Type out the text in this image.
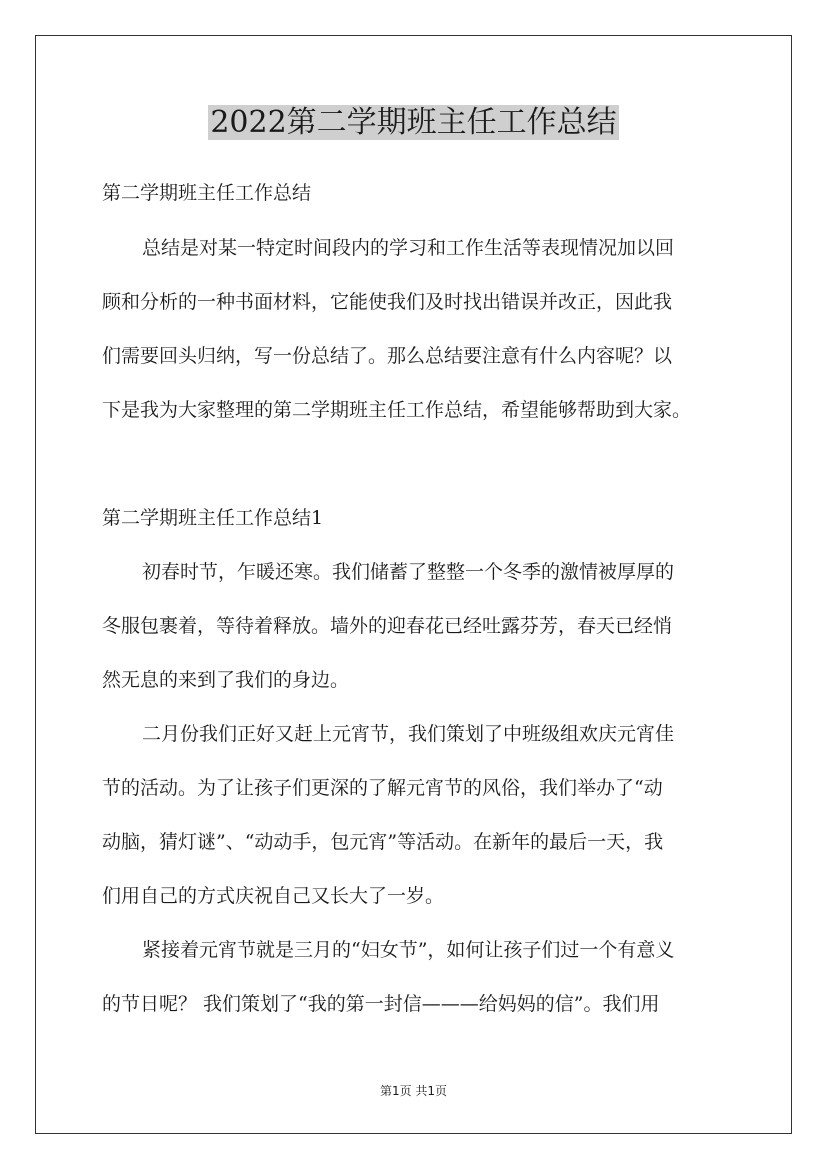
2022第二学期班主任工作总结

第二学期班主任工作总结

总结是对某一特定时间段内的学习和工作生活等表现情况加以回

顾和分析的一种书面材料，它能使我们及时找出错误并改正，因此我

们需要回头归纳，写一份总结了。那么总结要注意有什么内容呢？以

下是我为大家整理的第二学期班主任工作总结，希望能够帮助到大家。

第二学期班主任工作总结1

初春时节，乍暖还寒。我们储蓄了整整一个冬季的激情被厚厚的

冬服包裹着，等待着释放。墙外的迎春花已经吐露芬芳，春天已经悄

然无息的来到了我们的身边。

二月份我们正好又赶上元宵节，我们策划了中班级组欢庆元宵佳

节的活动。为了让孩子们更深的了解元宵节的风俗，我们举办了“动

动脑，猜灯谜”、“动动手，包元宵”等活动。在新年的最后一天，我

们用自己的方式庆祝自己又长大了一岁。

紧接着元宵节就是三月的“妇女节”，如何让孩子们过一个有意义

的节日呢？ 我们策划了“我的第一封信———给妈妈的信”。我们用

第1页 共1页
